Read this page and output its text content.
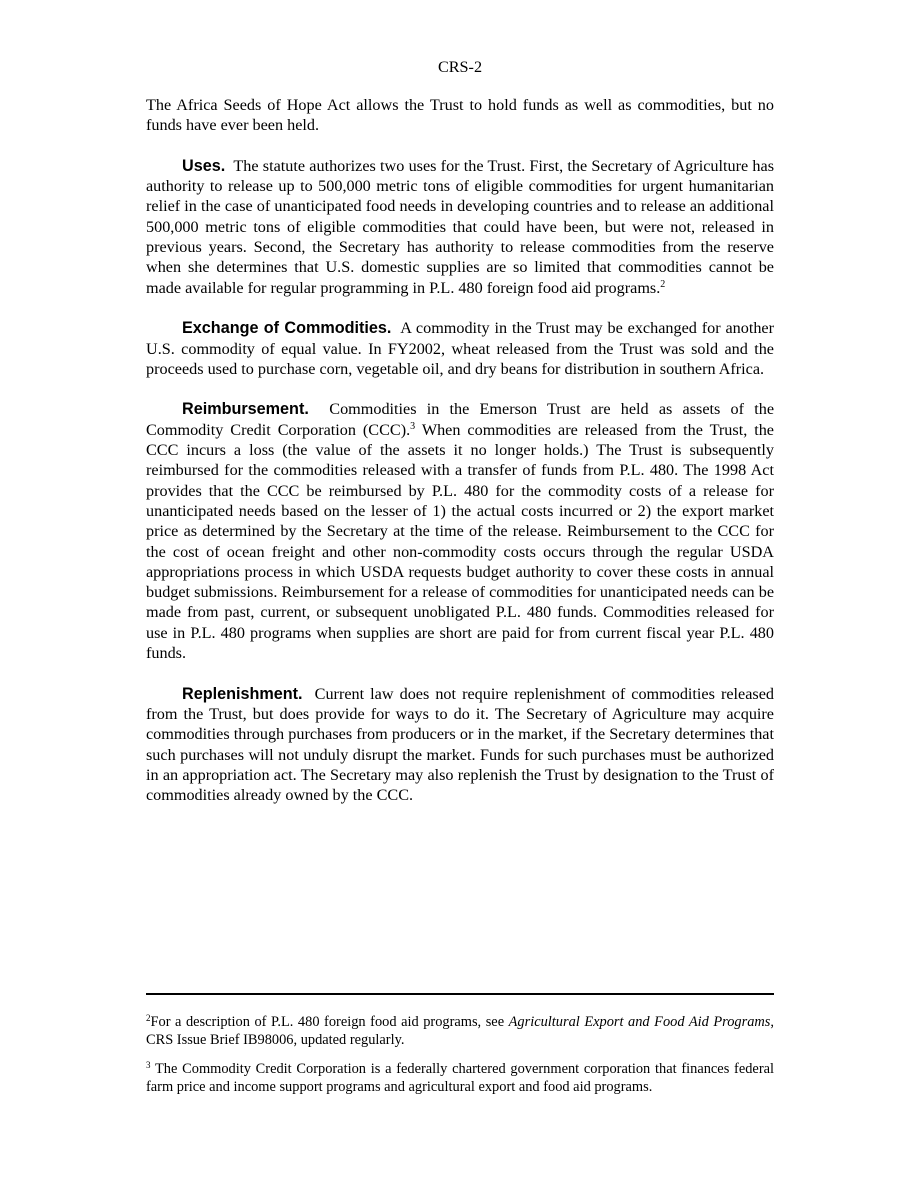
CRS-2

The Africa Seeds of Hope Act allows the Trust to hold funds as well as commodities, but no funds have ever been held.

Uses. The statute authorizes two uses for the Trust. First, the Secretary of Agriculture has authority to release up to 500,000 metric tons of eligible commodities for urgent humanitarian relief in the case of unanticipated food needs in developing countries and to release an additional 500,000 metric tons of eligible commodities that could have been, but were not, released in previous years. Second, the Secretary has authority to release commodities from the reserve when she determines that U.S. domestic supplies are so limited that commodities cannot be made available for regular programming in P.L. 480 foreign food aid programs.$^2$

Exchange of Commodities. A commodity in the Trust may be exchanged for another U.S. commodity of equal value. In FY2002, wheat released from the Trust was sold and the proceeds used to purchase corn, vegetable oil, and dry beans for distribution in southern Africa.

Reimbursement. Commodities in the Emerson Trust are held as assets of the Commodity Credit Corporation (CCC).$^3$ When commodities are released from the Trust, the CCC incurs a loss (the value of the assets it no longer holds.) The Trust is subsequently reimbursed for the commodities released with a transfer of funds from P.L. 480. The 1998 Act provides that the CCC be reimbursed by P.L. 480 for the commodity costs of a release for unanticipated needs based on the lesser of 1) the actual costs incurred or 2) the export market price as determined by the Secretary at the time of the release. Reimbursement to the CCC for the cost of ocean freight and other non-commodity costs occurs through the regular USDA appropriations process in which USDA requests budget authority to cover these costs in annual budget submissions. Reimbursement for a release of commodities for unanticipated needs can be made from past, current, or subsequent unobligated P.L. 480 funds. Commodities released for use in P.L. 480 programs when supplies are short are paid for from current fiscal year P.L. 480 funds.

Replenishment. Current law does not require replenishment of commodities released from the Trust, but does provide for ways to do it. The Secretary of Agriculture may acquire commodities through purchases from producers or in the market, if the Secretary determines that such purchases will not unduly disrupt the market. Funds for such purchases must be authorized in an appropriation act. The Secretary may also replenish the Trust by designation to the Trust of commodities already owned by the CCC.

$^2$For a description of P.L. 480 foreign food aid programs, see Agricultural Export and Food Aid Programs, CRS Issue Brief IB98006, updated regularly.

$^3$ The Commodity Credit Corporation is a federally chartered government corporation that finances federal farm price and income support programs and agricultural export and food aid programs.
